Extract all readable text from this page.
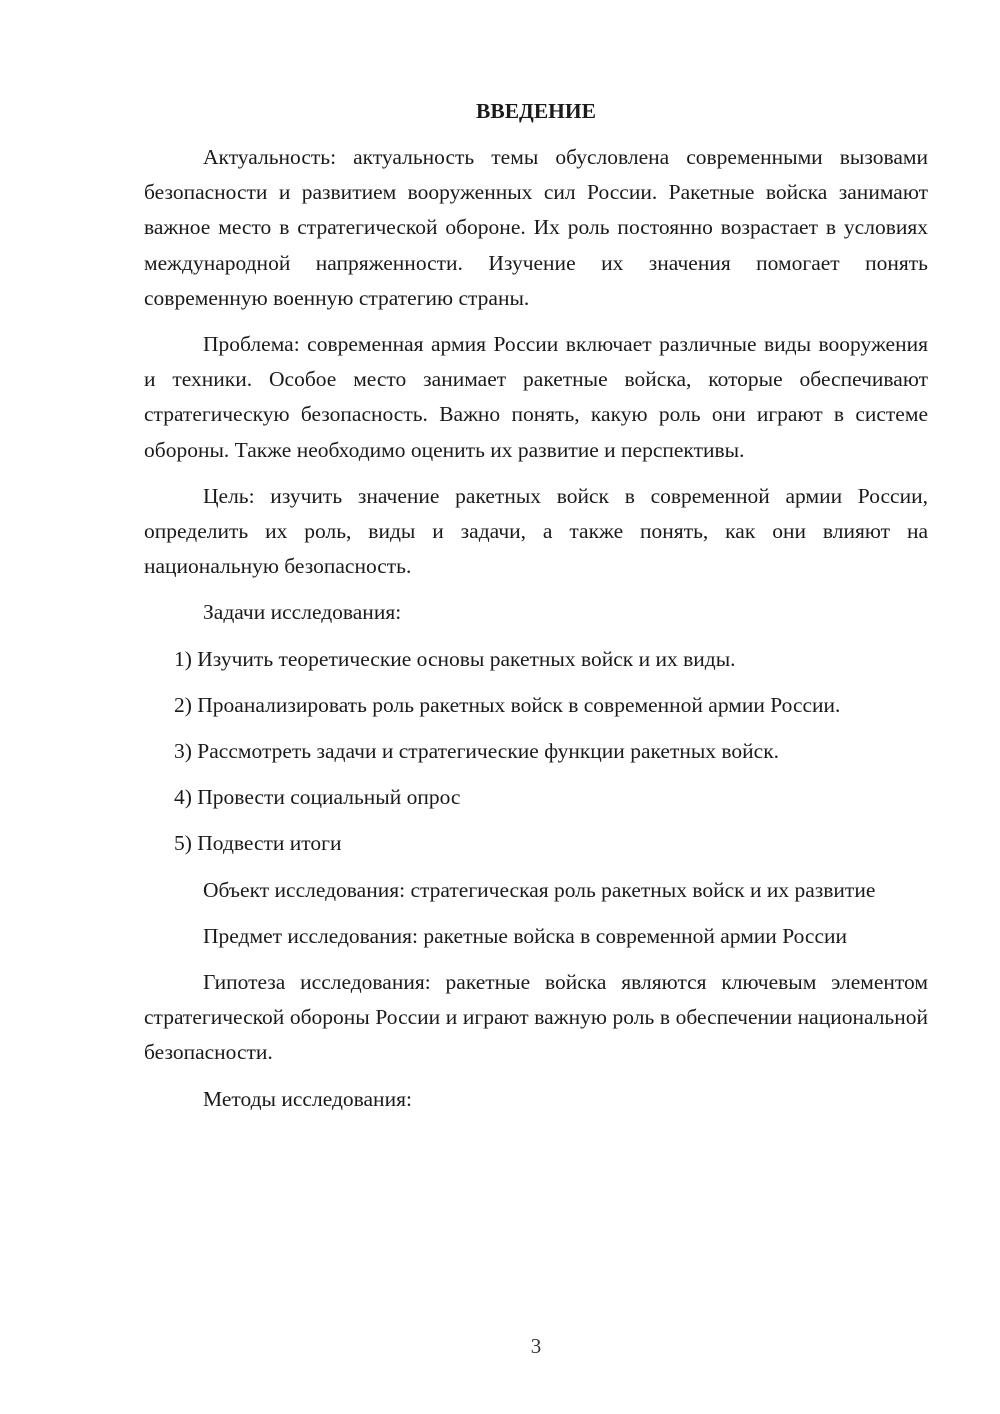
ВВЕДЕНИЕ

Актуальность: актуальность темы обусловлена современными вызовами безопасности и развитием вооруженных сил России. Ракетные войска занимают важное место в стратегической обороне. Их роль постоянно возрастает в условиях международной напряженности. Изучение их значения помогает понять современную военную стратегию страны.

Проблема: современная армия России включает различные виды вооружения и техники. Особое место занимает ракетные войска, которые обеспечивают стратегическую безопасность. Важно понять, какую роль они играют в системе обороны. Также необходимо оценить их развитие и перспективы.

Цель: изучить значение ракетных войск в современной армии России, определить их роль, виды и задачи, а также понять, как они влияют на национальную безопасность.

Задачи исследования:

1) Изучить теоретические основы ракетных войск и их виды.

2) Проанализировать роль ракетных войск в современной армии России.

3) Рассмотреть задачи и стратегические функции ракетных войск.

4) Провести социальный опрос

5) Подвести итоги

Объект исследования: стратегическая роль ракетных войск и их развитие

Предмет исследования: ракетные войска в современной армии России

Гипотеза исследования: ракетные войска являются ключевым элементом стратегической обороны России и играют важную роль в обеспечении национальной безопасности.

Методы исследования:

3
